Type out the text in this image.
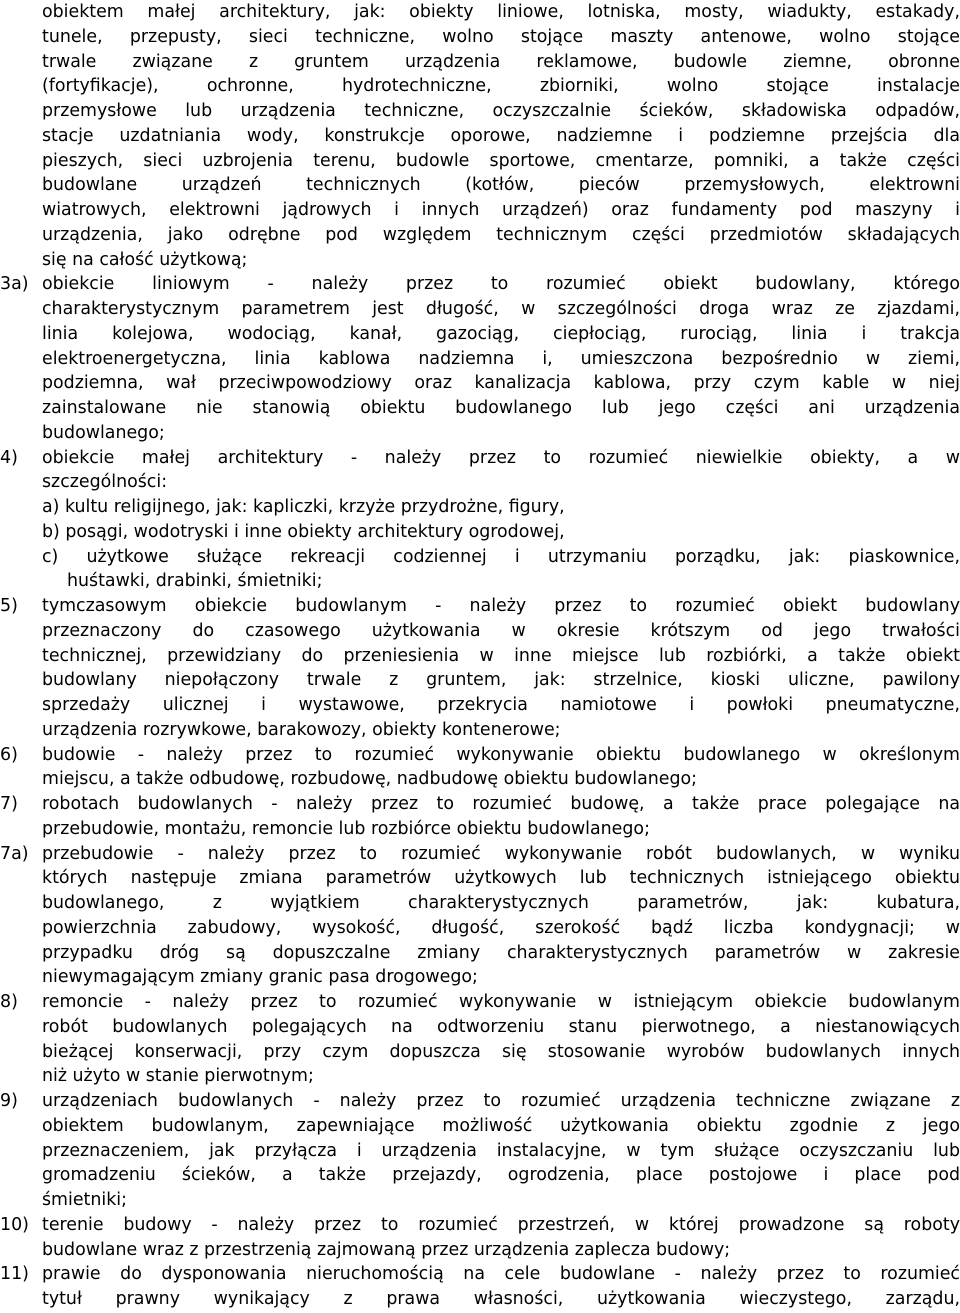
obiektem małej architektury, jak: obiekty liniowe, lotniska, mosty, wiadukty, estakady,
tunele, przepusty, sieci techniczne, wolno stojące maszty antenowe, wolno stojące
trwale związane z gruntem urządzenia reklamowe, budowle ziemne, obronne
(fortyfikacje), ochronne, hydrotechniczne, zbiorniki, wolno stojące instalacje
przemysłowe lub urządzenia techniczne, oczyszczalnie ścieków, składowiska odpadów,
stacje uzdatniania wody, konstrukcje oporowe, nadziemne i podziemne przejścia dla
pieszych, sieci uzbrojenia terenu, budowle sportowe, cmentarze, pomniki, a także części
budowlane urządzeń technicznych (kotłów, pieców przemysłowych, elektrowni
wiatrowych, elektrowni jądrowych i innych urządzeń) oraz fundamenty pod maszyny i
urządzenia, jako odrębne pod względem technicznym części przedmiotów składających
się na całość użytkową;
3a) obiekcie liniowym - należy przez to rozumieć obiekt budowlany, którego
charakterystycznym parametrem jest długość, w szczególności droga wraz ze zjazdami,
linia kolejowa, wodociąg, kanał, gazociąg, ciepłociąg, rurociąg, linia i trakcja
elektroenergetyczna, linia kablowa nadziemna i, umieszczona bezpośrednio w ziemi,
podziemna, wał przeciwpowodziowy oraz kanalizacja kablowa, przy czym kable w niej
zainstalowane nie stanowią obiektu budowlanego lub jego części ani urządzenia
budowlanego;
4)	obiekcie małej architektury - należy przez to rozumieć niewielkie obiekty, a w
szczególności:
a) kultu religijnego, jak: kapliczki, krzyże przydrożne, figury,
b) posągi, wodotryski i inne obiekty architektury ogrodowej,
c) użytkowe służące rekreacji codziennej i utrzymaniu porządku, jak: piaskownice,
huśtawki, drabinki, śmietniki;
5)	tymczasowym obiekcie budowlanym - należy przez to rozumieć obiekt budowlany
przeznaczony do czasowego użytkowania w okresie krótszym od jego trwałości
technicznej, przewidziany do przeniesienia w inne miejsce lub rozbiórki, a także obiekt
budowlany niepołączony trwale z gruntem, jak: strzelnice, kioski uliczne, pawilony
sprzedaży ulicznej i wystawowe, przekrycia namiotowe i powłoki pneumatyczne,
urządzenia rozrywkowe, barakowozy, obiekty kontenerowe;
6)	budowie - należy przez to rozumieć wykonywanie obiektu budowlanego w określonym
miejscu, a także odbudowę, rozbudowę, nadbudowę obiektu budowlanego;
7)	robotach budowlanych - należy przez to rozumieć budowę, a także prace polegające na
przebudowie, montażu, remoncie lub rozbiórce obiektu budowlanego;
7a) przebudowie - należy przez to rozumieć wykonywanie robót budowlanych, w wyniku
których następuje zmiana parametrów użytkowych lub technicznych istniejącego obiektu
budowlanego, z wyjątkiem charakterystycznych parametrów, jak: kubatura,
powierzchnia zabudowy, wysokość, długość, szerokość bądź liczba kondygnacji; w
przypadku dróg są dopuszczalne zmiany charakterystycznych parametrów w zakresie
niewymagającym zmiany granic pasa drogowego;
8)	remoncie - należy przez to rozumieć wykonywanie w istniejącym obiekcie budowlanym
robót budowlanych polegających na odtworzeniu stanu pierwotnego, a niestanowiących
bieżącej konserwacji, przy czym dopuszcza się stosowanie wyrobów budowlanych innych
niż użyto w stanie pierwotnym;
9)	urządzeniach budowlanych - należy przez to rozumieć urządzenia techniczne związane z
obiektem budowlanym, zapewniające możliwość użytkowania obiektu zgodnie z jego
przeznaczeniem, jak przyłącza i urządzenia instalacyjne, w tym służące oczyszczaniu lub
gromadzeniu ścieków, a także przejazdy, ogrodzenia, place postojowe i place pod
śmietniki;
10) terenie budowy - należy przez to rozumieć przestrzeń, w której prowadzone są roboty
budowlane wraz z przestrzenią zajmowaną przez urządzenia zaplecza budowy;
11) prawie do dysponowania nieruchomością na cele budowlane - należy przez to rozumieć
tytuł prawny wynikający z prawa własności, użytkowania wieczystego, zarządu,
